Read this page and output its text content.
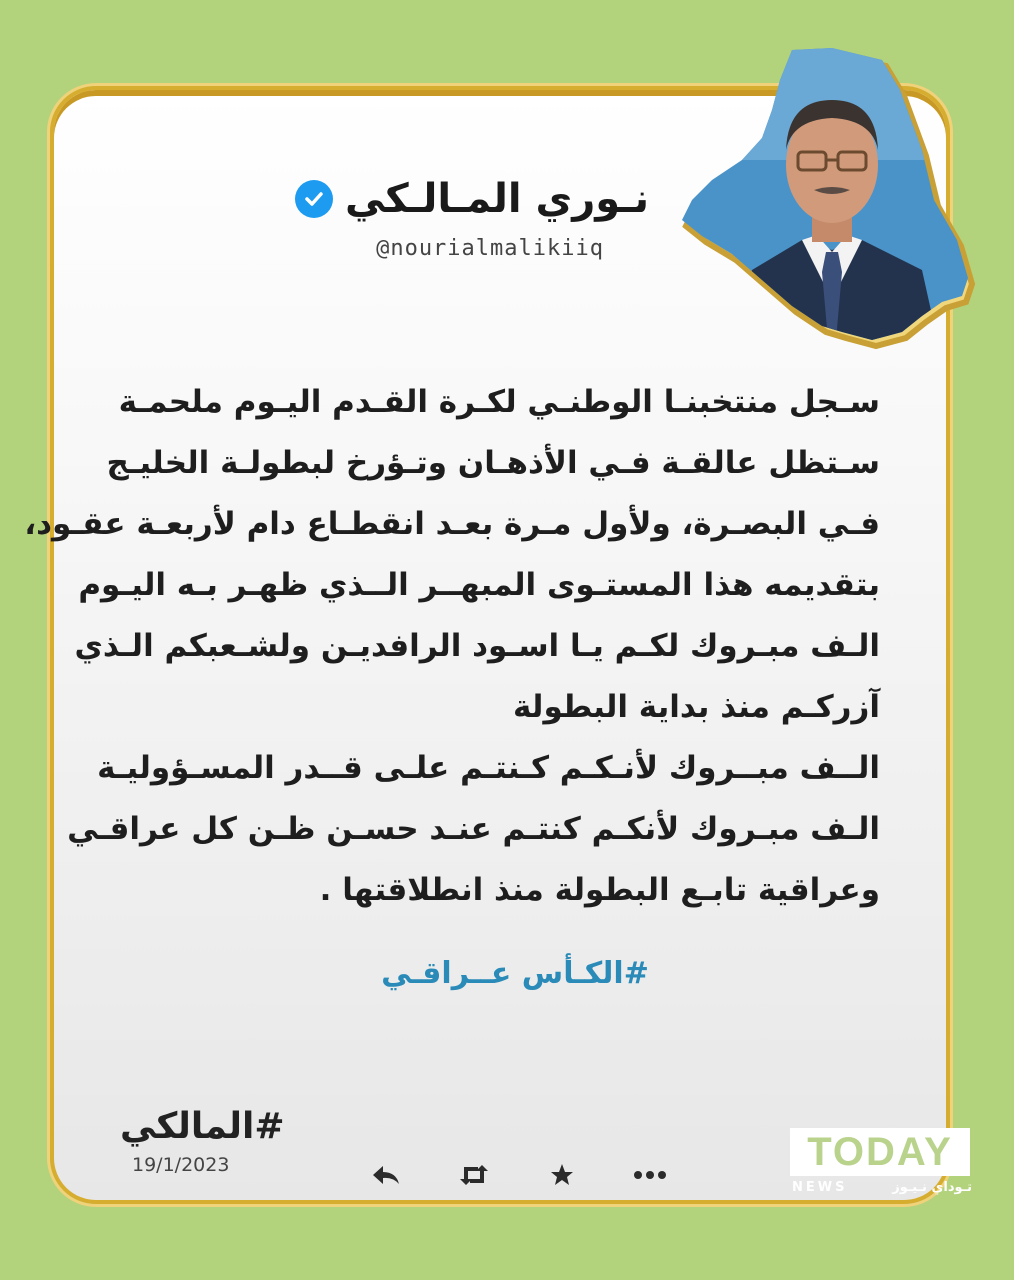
نـوري المـالـكي
@nourialmalikiiq
سـجل منتخبنـا الوطنـي لكـرة القـدم اليـوم ملحمـة
سـتظل عالقـة فـي الأذهـان وتـؤرخ لبطولـة الخليـج
فـي البصـرة، ولأول مـرة بعـد انقطـاع دام لأربعـة عقـود،
بتقديمه هذا المستـوى المبهــر الــذي ظهـر بـه اليـوم
الـف مبـروك لكـم يـا اسـود الرافديـن ولشـعبكم الـذي
آزركـم منذ بداية البطولة
الــف مبــروك لأنـكـم كـنتـم علـى قــدر المسـؤوليـة
الـف مبـروك لأنكـم كنتـم عنـد حسـن ظـن كل عراقـي
وعراقية تابـع البطولة منذ انطلاقتها .
#الكـأس عــراقـي
#المالكي
19/1/2023	TODAY
NEWS	تـوداي نـيـوز
